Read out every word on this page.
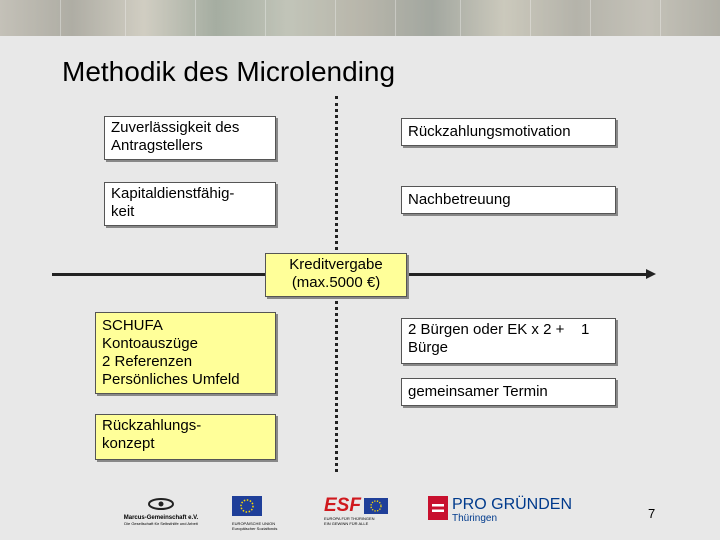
Methodik des Microlending
Zuverlässigkeit des
Antragstellers
Rückzahlungsmotivation
Kapitaldienstfähig-
keit
Nachbetreuung
Kreditvergabe
(max.5000 €)
SCHUFA
Kontoauszüge
2 Referenzen
Persönliches Umfeld
2 Bürgen oder EK x 2 +    1
Bürge
gemeinsamer Termin
Rückzahlungs-
konzept
Marcus-Gemeinschaft e.V.
Die Gesellschaft für Selbsthilfe und Arbeit	EUROPÄISCHE UNION
Europäischer Sozialfonds
ESF
EUROPA FÜR THÜRINGEN
EIN GEWINN FÜR ALLE
PRO GRÜNDEN
Thüringen	7
